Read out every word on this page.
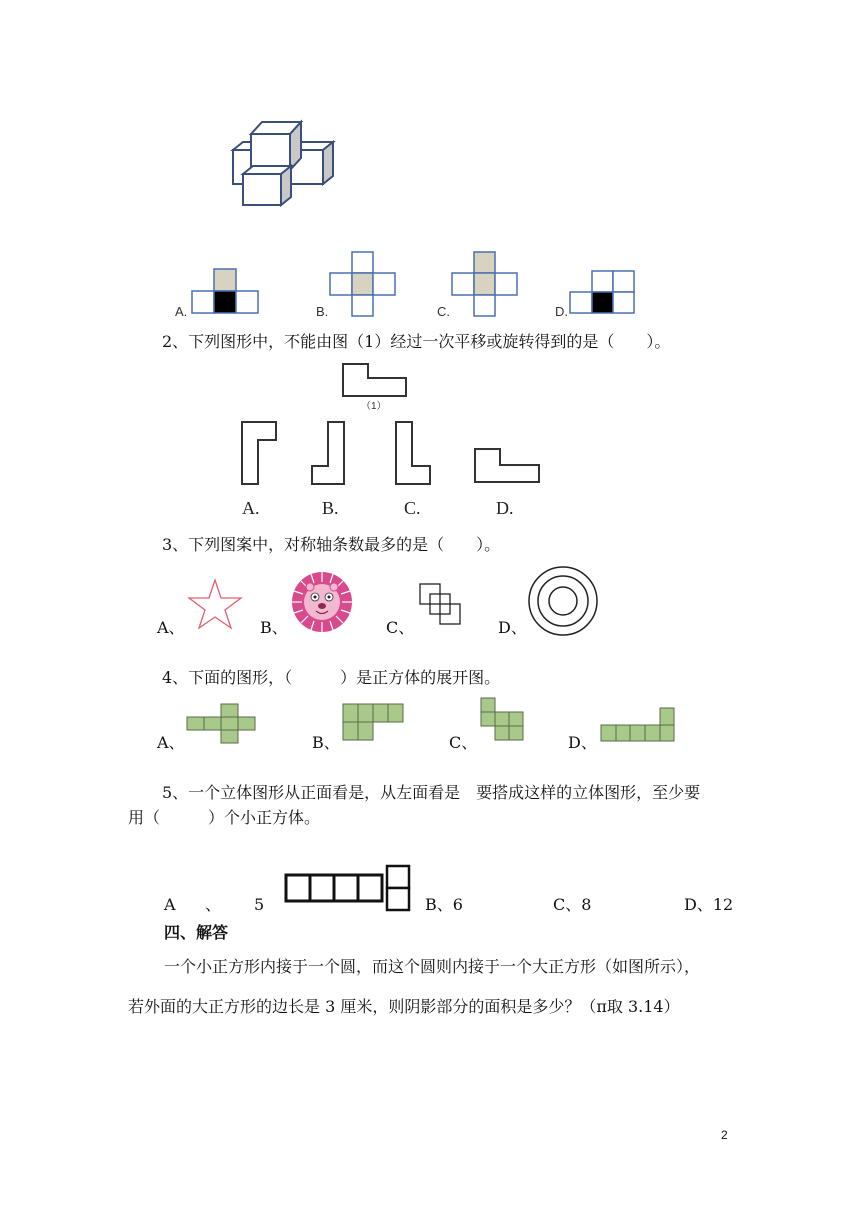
A.	B.	C.	D.
2、下列图形中，不能由图（1）经过一次平移或旋转得到的是（　　）。
（1）
A.	B.	C.	D.
3、下列图案中，对称轴条数最多的是（　　）。
A、	B、	C、	D、
4、下面的图形，（　　　）是正方体的展开图。
A、	B、	C、	D、
5、一个立体图形从正面看是，从左面看是　要搭成这样的立体图形，至少要
用（　　　）个小正方体。
A 、 5	B、6	C、8	D、12
四、解答
一个小正方形内接于一个圆，而这个圆则内接于一个大正方形（如图所示），
若外面的大正方形的边长是 3 厘米，则阴影部分的面积是多少？（π取 3.14）
2
